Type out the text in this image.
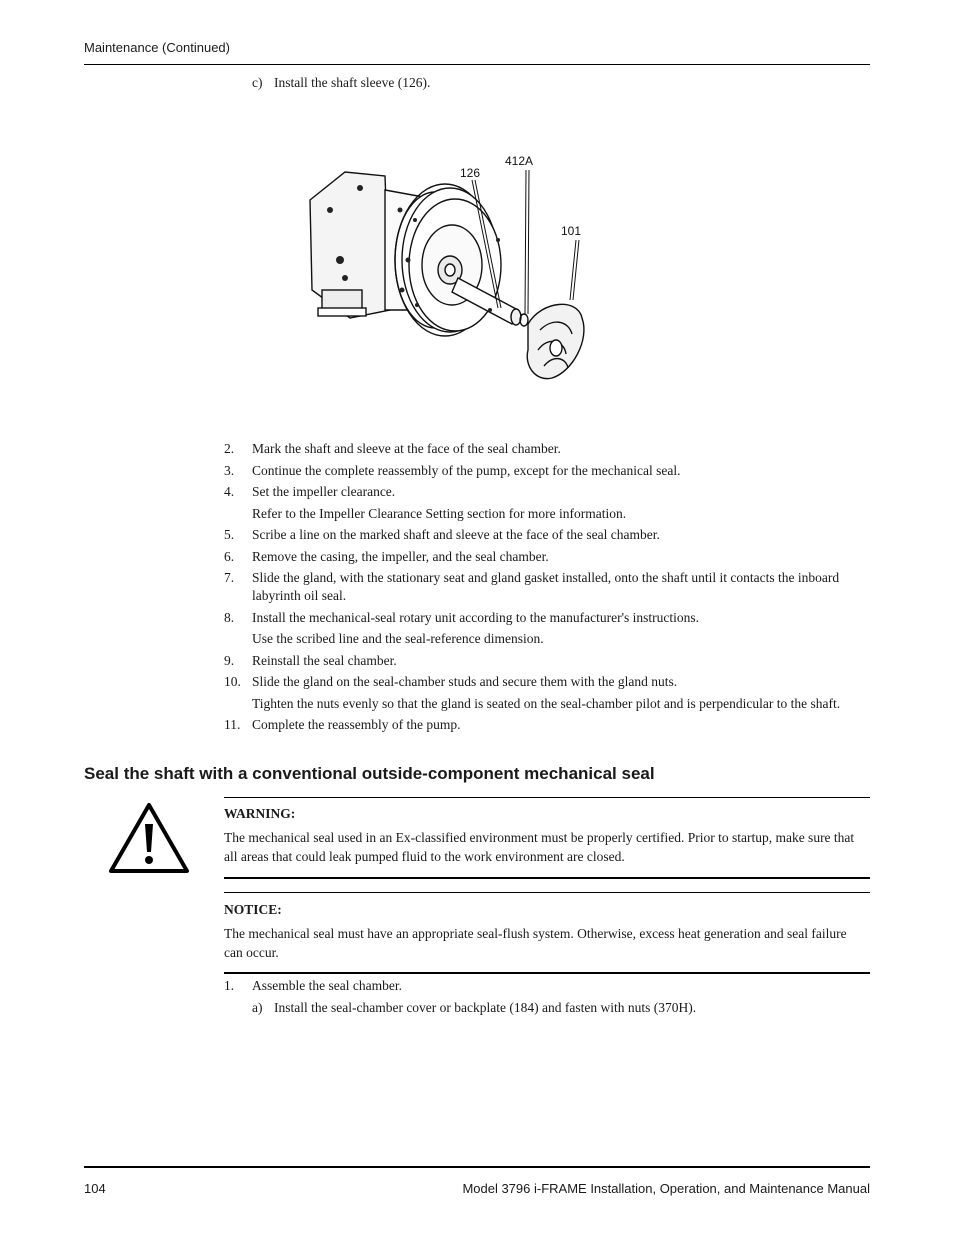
Maintenance (Continued)
c) Install the shaft sleeve (126).
126
412A
101
2.	Mark the shaft and sleeve at the face of the seal chamber.
3.	Continue the complete reassembly of the pump, except for the mechanical seal.
4.	Set the impeller clearance.
Refer to the Impeller Clearance Setting section for more information.
5.	Scribe a line on the marked shaft and sleeve at the face of the seal chamber.
6.	Remove the casing, the impeller, and the seal chamber.
7.	Slide the gland, with the stationary seat and gland gasket installed, onto the shaft until it contacts the inboard labyrinth oil seal.
8.	Install the mechanical-seal rotary unit according to the manufacturer's instructions.
Use the scribed line and the seal-reference dimension.
9.	Reinstall the seal chamber.
10. Slide the gland on the seal-chamber studs and secure them with the gland nuts.
Tighten the nuts evenly so that the gland is seated on the seal-chamber pilot and is perpendicular to the shaft.
11. Complete the reassembly of the pump.
Seal the shaft with a conventional outside-component mechanical seal
WARNING:
The mechanical seal used in an Ex-classified environment must be properly certified. Prior to startup, make sure that all areas that could leak pumped fluid to the work environment are closed.
NOTICE:
The mechanical seal must have an appropriate seal-flush system. Otherwise, excess heat generation and seal failure can occur.
1.	Assemble the seal chamber.
a) Install the seal-chamber cover or backplate (184) and fasten with nuts (370H).
104	Model 3796 i-FRAME Installation, Operation, and Maintenance Manual
